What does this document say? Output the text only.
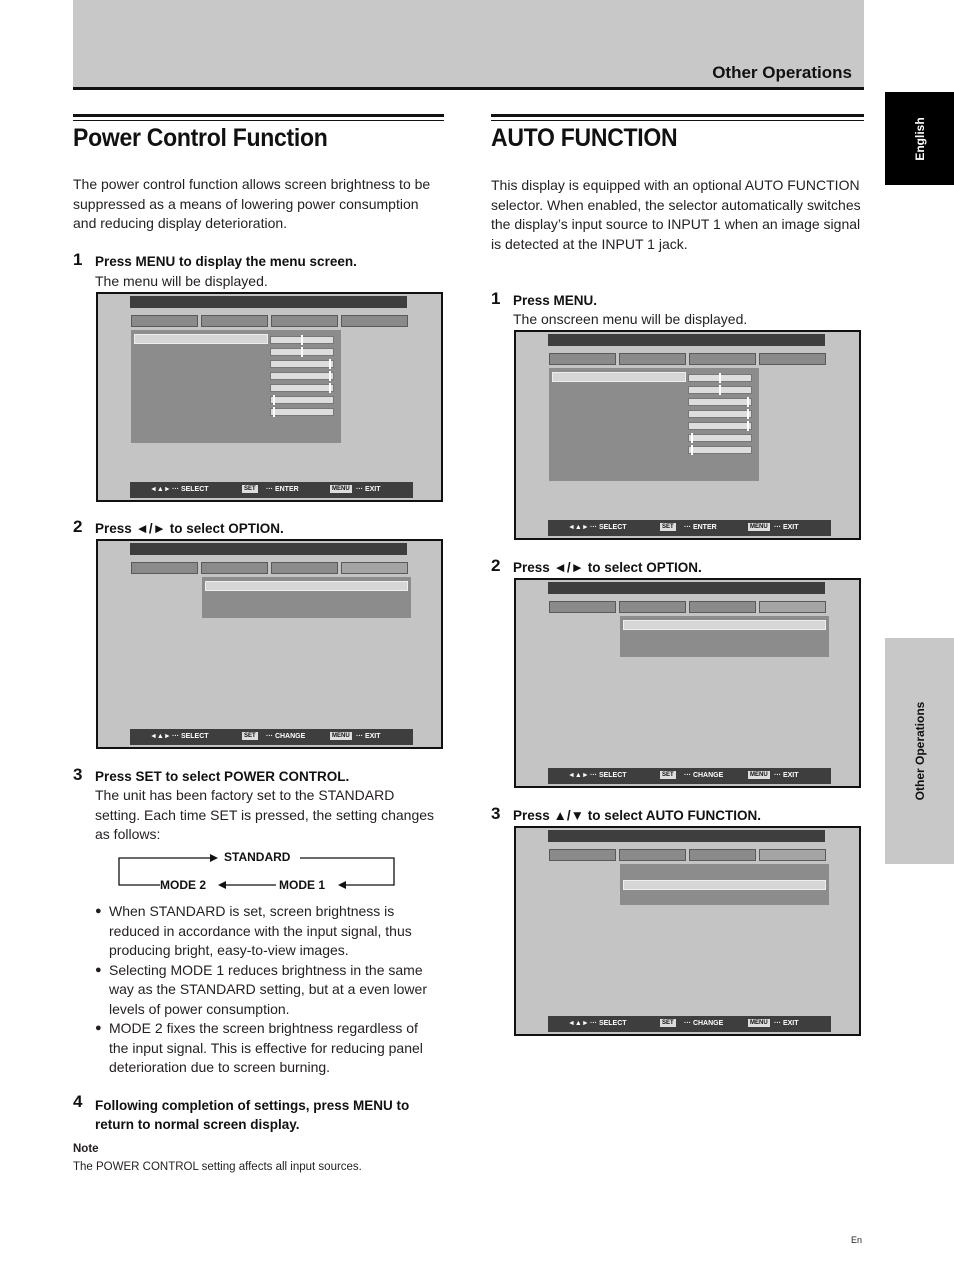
Other Operations
English
Other Operations
Power Control Function
The power control function allows screen brightness to be suppressed as a means of lowering power consumption and reducing display deterioration.
1 Press MENU to display the menu screen.
The menu will be displayed.
◄▲► ··· SELECT	SET	··· ENTER	MENU ··· EXIT
2 Press ◄/► to select OPTION.
◄▲► ··· SELECT	SET	··· CHANGE	MENU ··· EXIT
3 Press SET to select POWER CONTROL.
The unit has been factory set to the STANDARD setting. Each time SET is pressed, the setting changes as follows:
STANDARD
MODE 2	MODE 1

● When STANDARD is set, screen brightness is reduced in accordance with the input signal, thus producing bright, easy-to-view images.

● Selecting MODE 1 reduces brightness in the same way as the STANDARD setting, but at a even lower levels of power consumption.

● MODE 2 fixes the screen brightness regardless of the input signal. This is effective for reducing panel deterioration due to screen burning.

4 Following completion of settings, press MENU to return to normal screen display.
Note
The POWER CONTROL setting affects all input sources.
AUTO FUNCTION
This display is equipped with an optional AUTO FUNCTION selector. When enabled, the selector automatically switches the display’s input source to INPUT 1 when an image signal is detected at the INPUT 1 jack.
1 Press MENU.
The onscreen menu will be displayed.
◄▲► ··· SELECT	SET	··· ENTER	MENU ··· EXIT
2 Press ◄/► to select OPTION.
◄▲► ··· SELECT	SET	··· CHANGE	MENU ··· EXIT
3 Press ▲/▼ to select AUTO FUNCTION.
◄▲► ··· SELECT	SET	··· CHANGE	MENU ··· EXIT
En
